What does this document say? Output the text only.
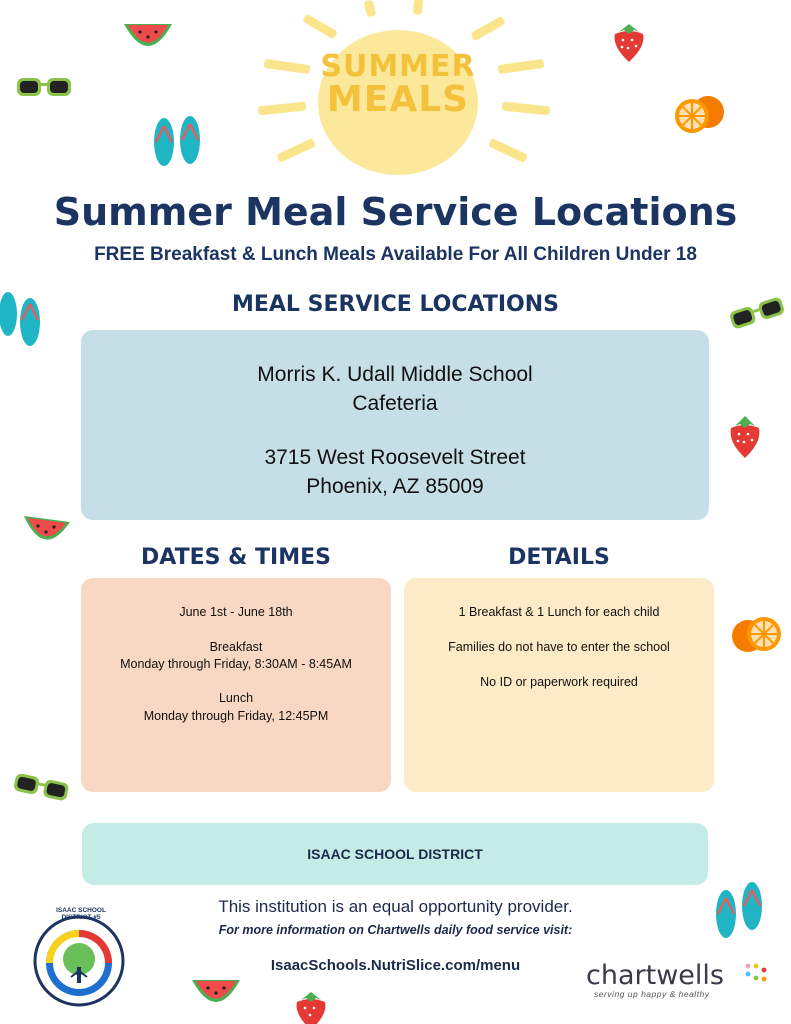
SUMMER
MEALS
Summer Meal Service Locations
FREE Breakfast & Lunch Meals Available For All Children Under 18
MEAL SERVICE LOCATIONS
Morris K. Udall Middle School
Cafeteria
3715 West Roosevelt Street
Phoenix, AZ 85009
DATES & TIMES	DETAILS
June 1st - June 18th
Breakfast
Monday through Friday, 8:30AM - 8:45AM
Lunch
Monday through Friday, 12:45PM
1 Breakfast & 1 Lunch for each child
Families do not have to enter the school
No ID or paperwork required
ISAAC SCHOOL DISTRICT
This institution is an equal opportunity provider.
For more information on Chartwells daily food service visit:
IsaacSchools.NutriSlice.com/menu
ISAAC SCHOOL DISTRICT #5
chartwells
serving up happy & healthy
